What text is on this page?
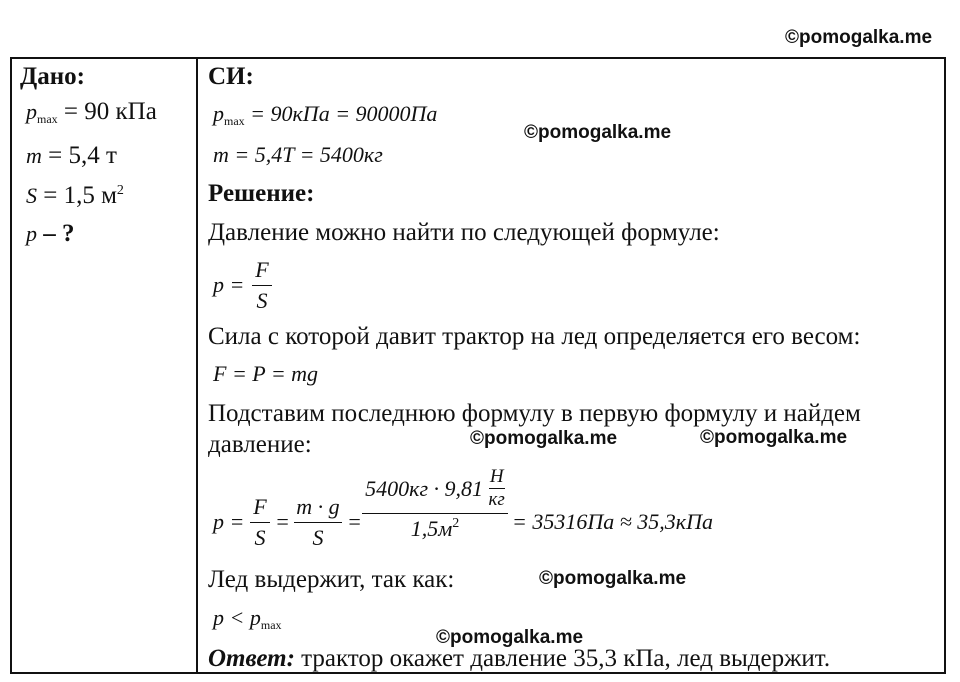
©pomogalka.me
©pomogalka.me
©pomogalka.me	©pomogalka.me
©pomogalka.me
©pomogalka.me
Дано:
$p_{max} = 90$ кПа
m = 5,4 т
S = 1,5 $м^2$
p – ?
СИ:
$p_{max} = 90кПа = 90000Па$
m = 5,4T = 5400кг
Решение:
Давление можно найти по следующей формуле:
p =
F
S
Сила с которой давит трактор на лед определяется его весом:
F = P = mg
Подставим последнюю формулу в первую формулу и найдем
давление:
p =
F
S
=
m · g
S
=
5400кг · 9,81 Н
кг
$1,5м^2$	= 35316Па ≈ 35,3кПа
Лед выдержит, так как:
$p < p_{max}$
Ответ: трактор окажет давление 35,3 кПа, лед выдержит.
